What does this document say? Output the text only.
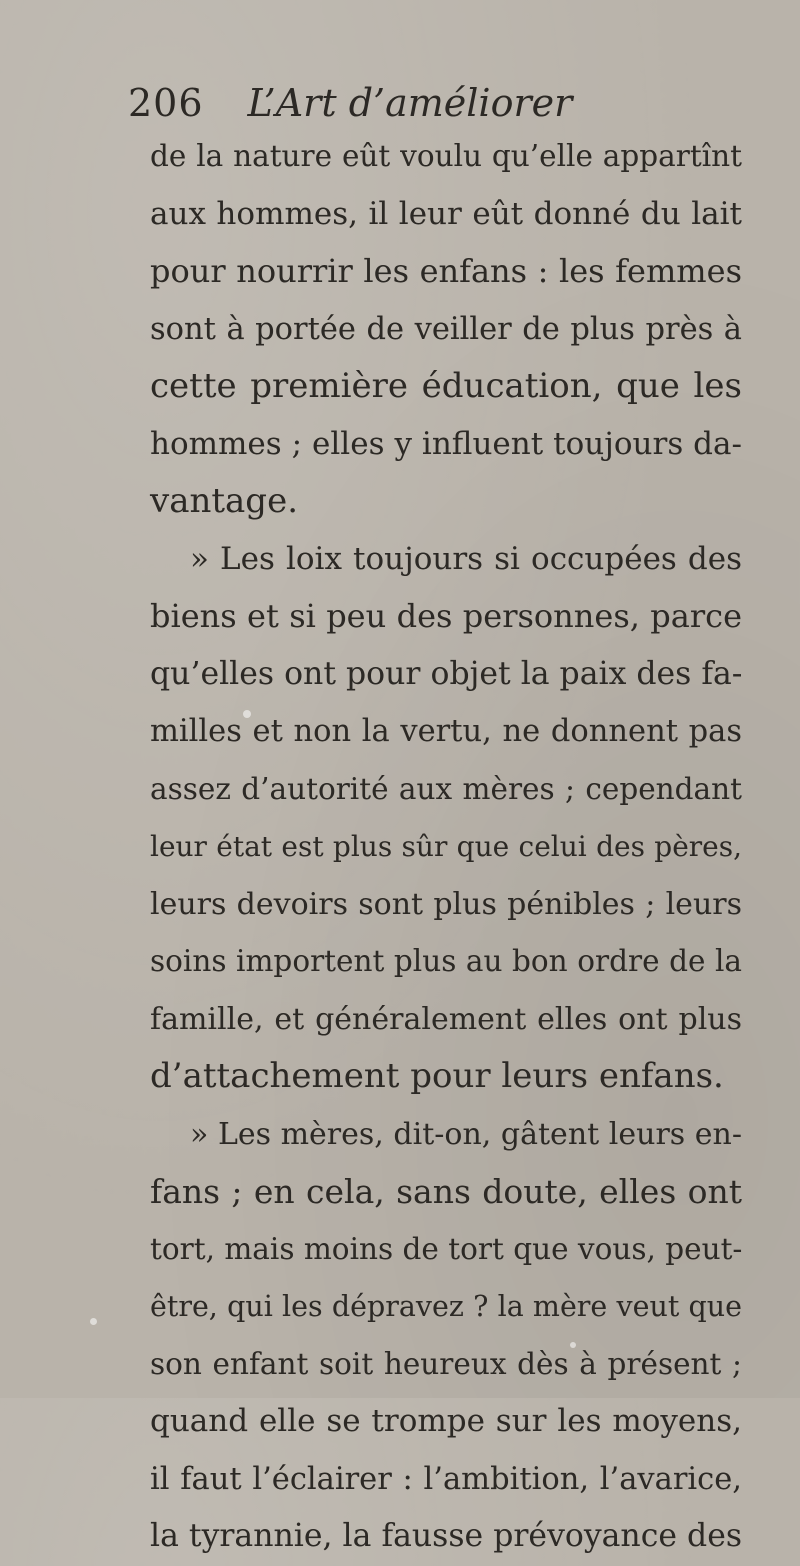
206 L’Art d’améliorer
de la nature eût voulu qu’elle appartînt
aux hommes, il leur eût donné du lait
pour nourrir les enfans : les femmes
sont à portée de veiller de plus près à
cette première éducation, que les
hommes ; elles y influent toujours da-
vantage.
» Les loix toujours si occupées des
biens et si peu des personnes, parce
qu’elles ont pour objet la paix des fa-
milles et non la vertu, ne donnent pas
assez d’autorité aux mères ; cependant
leur état est plus sûr que celui des pères,
leurs devoirs sont plus pénibles ; leurs
soins importent plus au bon ordre de la
famille, et généralement elles ont plus
d’attachement pour leurs enfans.
» Les mères, dit-on, gâtent leurs en-
fans ; en cela, sans doute, elles ont
tort, mais moins de tort que vous, peut-
être, qui les dépravez ? la mère veut que
son enfant soit heureux dès à présent ;
quand elle se trompe sur les moyens,
il faut l’éclairer : l’ambition, l’avarice,
la tyrannie, la fausse prévoyance des
